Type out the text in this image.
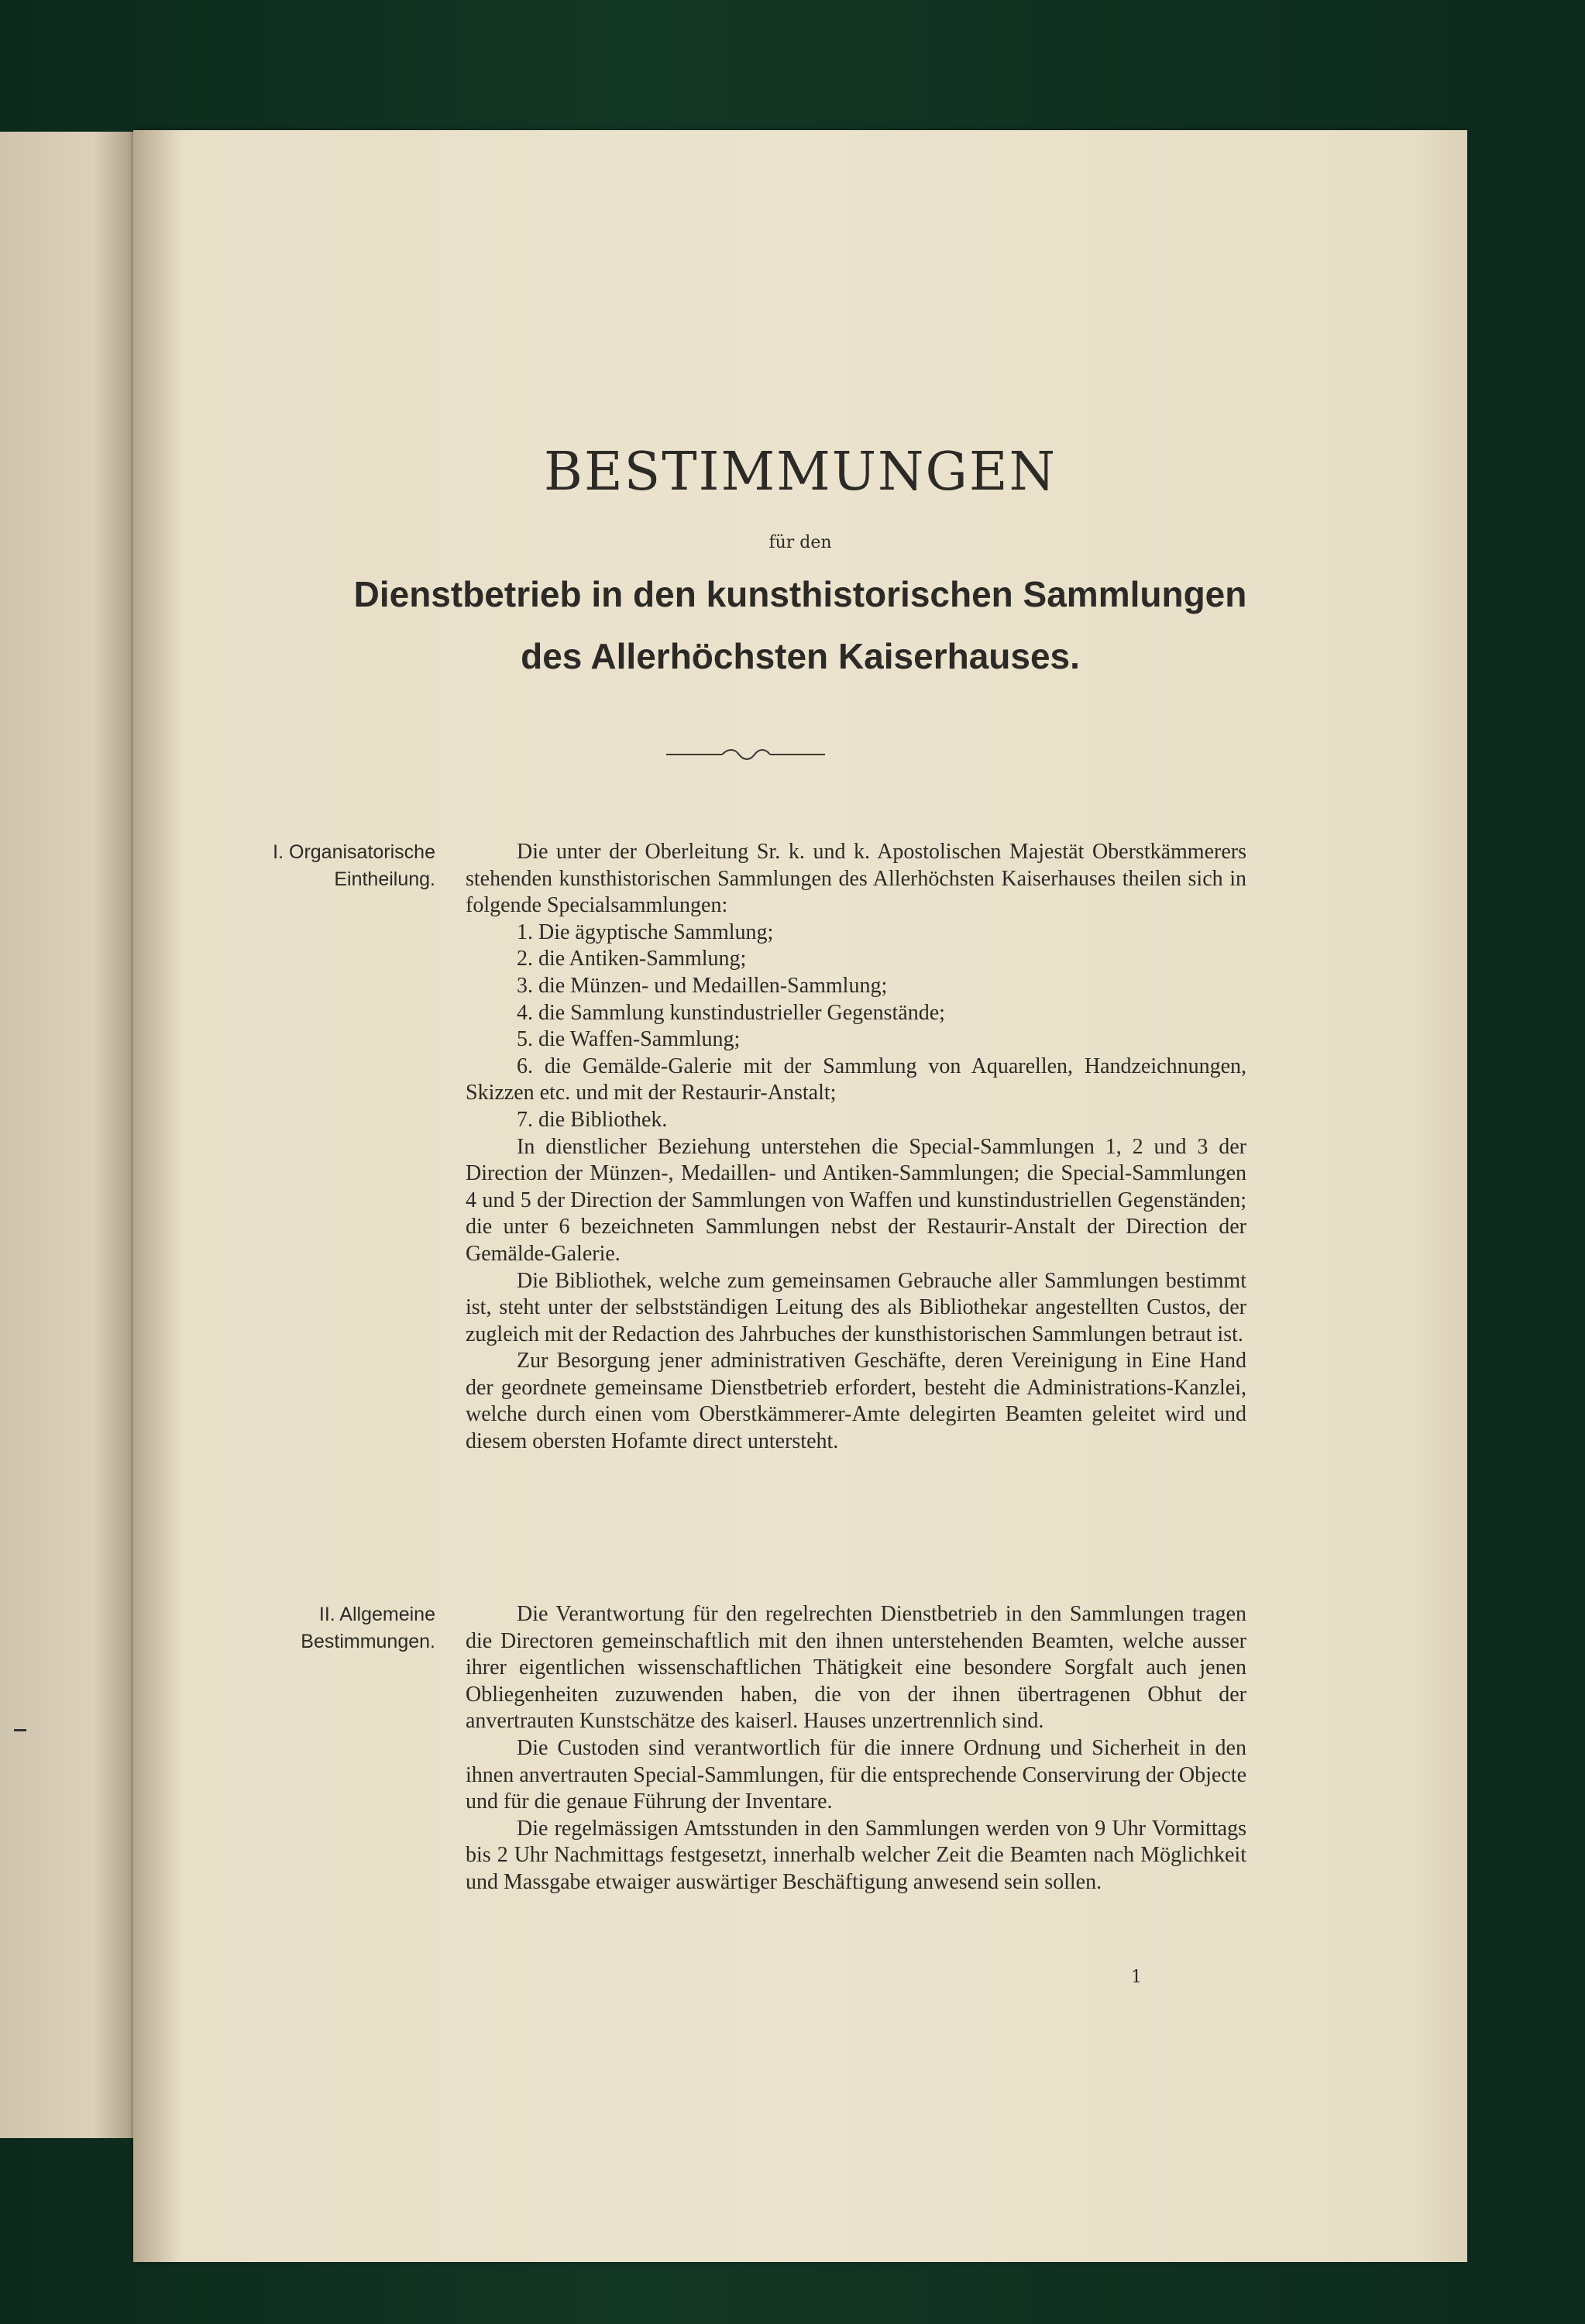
BESTIMMUNGEN
für den
Dienstbetrieb in den kunsthistorischen Sammlungen
des Allerhöchsten Kaiserhauses.
I. Organisatorische
Eintheilung.

Die unter der Oberleitung Sr. k. und k. Apostolischen Majestät Oberstkämmerers stehenden kunsthistorischen Sammlungen des Allerhöchsten Kaiserhauses theilen sich in folgende Specialsammlungen:

1. Die ägyptische Sammlung;

2. die Antiken-Sammlung;

3. die Münzen- und Medaillen-Sammlung;

4. die Sammlung kunstindustrieller Gegenstände;

5. die Waffen-Sammlung;

6. die Gemälde-Galerie mit der Sammlung von Aquarellen, Handzeichnungen, Skizzen etc. und mit der Restaurir-Anstalt;

7. die Bibliothek.

In dienstlicher Beziehung unterstehen die Special-Sammlungen 1, 2 und 3 der Direction der Münzen-, Medaillen- und Antiken-Sammlungen; die Special-Sammlungen 4 und 5 der Direction der Sammlungen von Waffen und kunstindustriellen Gegenständen; die unter 6 bezeichneten Sammlungen nebst der Restaurir-Anstalt der Direction der Gemälde-Galerie.

Die Bibliothek, welche zum gemeinsamen Gebrauche aller Sammlungen bestimmt ist, steht unter der selbstständigen Leitung des als Bibliothekar angestellten Custos, der zugleich mit der Redaction des Jahrbuches der kunsthistorischen Sammlungen betraut ist.

Zur Besorgung jener administrativen Geschäfte, deren Vereinigung in Eine Hand der geordnete gemeinsame Dienstbetrieb erfordert, besteht die Administrations-Kanzlei, welche durch einen vom Oberstkämmerer-Amte delegirten Beamten geleitet wird und diesem obersten Hofamte direct untersteht.

II. Allgemeine
Bestimmungen.

Die Verantwortung für den regelrechten Dienstbetrieb in den Sammlungen tragen die Directoren gemeinschaftlich mit den ihnen unterstehenden Beamten, welche ausser ihrer eigentlichen wissenschaftlichen Thätigkeit eine besondere Sorgfalt auch jenen Obliegenheiten zuzuwenden haben, die von der ihnen übertragenen Obhut der anvertrauten Kunstschätze des kaiserl. Hauses unzertrennlich sind.

Die Custoden sind verantwortlich für die innere Ordnung und Sicherheit in den ihnen anvertrauten Special-Sammlungen, für die entsprechende Conservirung der Objecte und für die genaue Führung der Inventare.

Die regelmässigen Amtsstunden in den Sammlungen werden von 9 Uhr Vormittags bis 2 Uhr Nachmittags festgesetzt, innerhalb welcher Zeit die Beamten nach Möglichkeit und Massgabe etwaiger auswärtiger Beschäftigung anwesend sein sollen.

1
